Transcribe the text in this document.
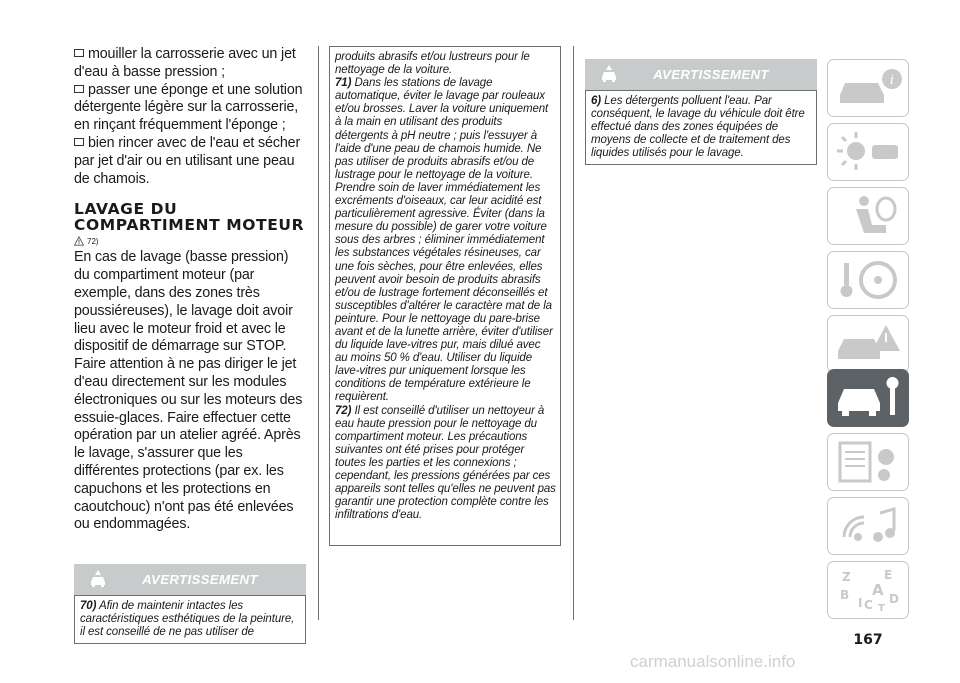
mouiller la carrosserie avec un jet d'eau à basse pression ;
passer une éponge et une solution détergente légère sur la carrosserie, en rinçant fréquemment l'éponge ;
bien rincer avec de l'eau et sécher par jet d'air ou en utilisant une peau de chamois.
LAVAGE DU COMPARTIMENT MOTEUR
72)
En cas de lavage (basse pression) du compartiment moteur (par exemple, dans des zones très poussiéreuses), le lavage doit avoir lieu avec le moteur froid et avec le dispositif de démarrage sur STOP. Faire attention à ne pas diriger le jet d'eau directement sur les modules électroniques ou sur les moteurs des essuie-glaces. Faire effectuer cette opération par un atelier agréé. Après le lavage, s'assurer que les différentes protections (par ex. les capuchons et les protections en caoutchouc) n'ont pas été enlevées ou endommagées.
AVERTISSEMENT
70) Afin de maintenir intactes les caractéristiques esthétiques de la peinture, il est conseillé de ne pas utiliser de
produits abrasifs et/ou lustreurs pour le nettoyage de la voiture.
71) Dans les stations de lavage automatique, éviter le lavage par rouleaux et/ou brosses. Laver la voiture uniquement à la main en utilisant des produits détergents à pH neutre ; puis l'essuyer à l'aide d'une peau de chamois humide. Ne pas utiliser de produits abrasifs et/ou de lustrage pour le nettoyage de la voiture. Prendre soin de laver immédiatement les excréments d'oiseaux, car leur acidité est particulièrement agressive. Éviter (dans la mesure du possible) de garer votre voiture sous des arbres ; éliminer immédiatement les substances végétales résineuses, car une fois sèches, pour être enlevées, elles peuvent avoir besoin de produits abrasifs et/ou de lustrage fortement déconseillés et susceptibles d'altérer le caractère mat de la peinture. Pour le nettoyage du pare-brise avant et de la lunette arrière, éviter d'utiliser du liquide lave-vitres pur, mais dilué avec au moins 50 % d'eau. Utiliser du liquide lave-vitres pur uniquement lorsque les conditions de température extérieure le requièrent.
72) Il est conseillé d'utiliser un nettoyeur à eau haute pression pour le nettoyage du compartiment moteur. Les précautions suivantes ont été prises pour protéger toutes les parties et les connexions ; cependant, les pressions générées par ces appareils sont telles qu'elles ne peuvent pas garantir une protection complète contre les infiltrations d'eau.
AVERTISSEMENT
6) Les détergents polluent l'eau. Par conséquent, le lavage du véhicule doit être effectué dans des zones équipées de moyens de collecte et de traitement des liquides utilisés pour le lavage.
i
Z	E
B A
I C D
T
167
carmanualsonline.info
